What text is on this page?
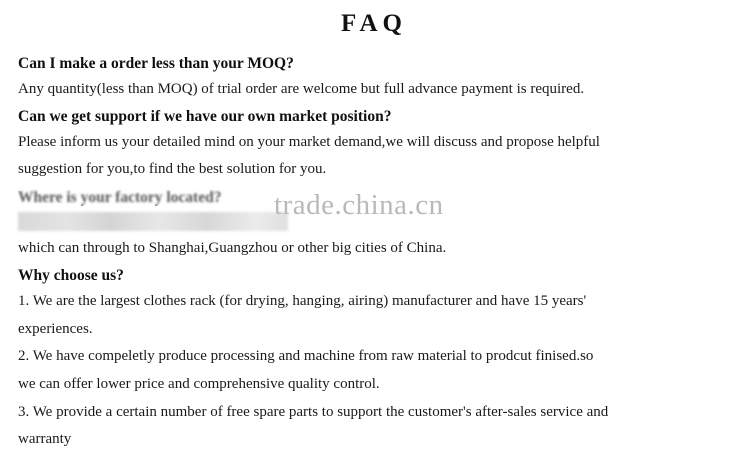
FAQ

Can I make a order less than your MOQ?

Any quantity(less than MOQ) of trial order are welcome but full advance payment is required.

Can we get support if we have our own market position?

Please inform us your detailed mind on your market demand,we will discuss and propose helpful

suggestion for you,to find the best solution for you.

Where is your factory located?

which can through to Shanghai,Guangzhou or other big cities of China.

Why choose us?

1. We are the largest clothes rack (for drying, hanging, airing) manufacturer and have 15 years'

experiences.

2. We have compeletly produce processing and machine from raw material to prodcut finised.so

we can offer lower price and comprehensive quality control.

3. We provide a certain number of free spare parts to support the customer's after-sales service and

warranty

trade.china.cn
